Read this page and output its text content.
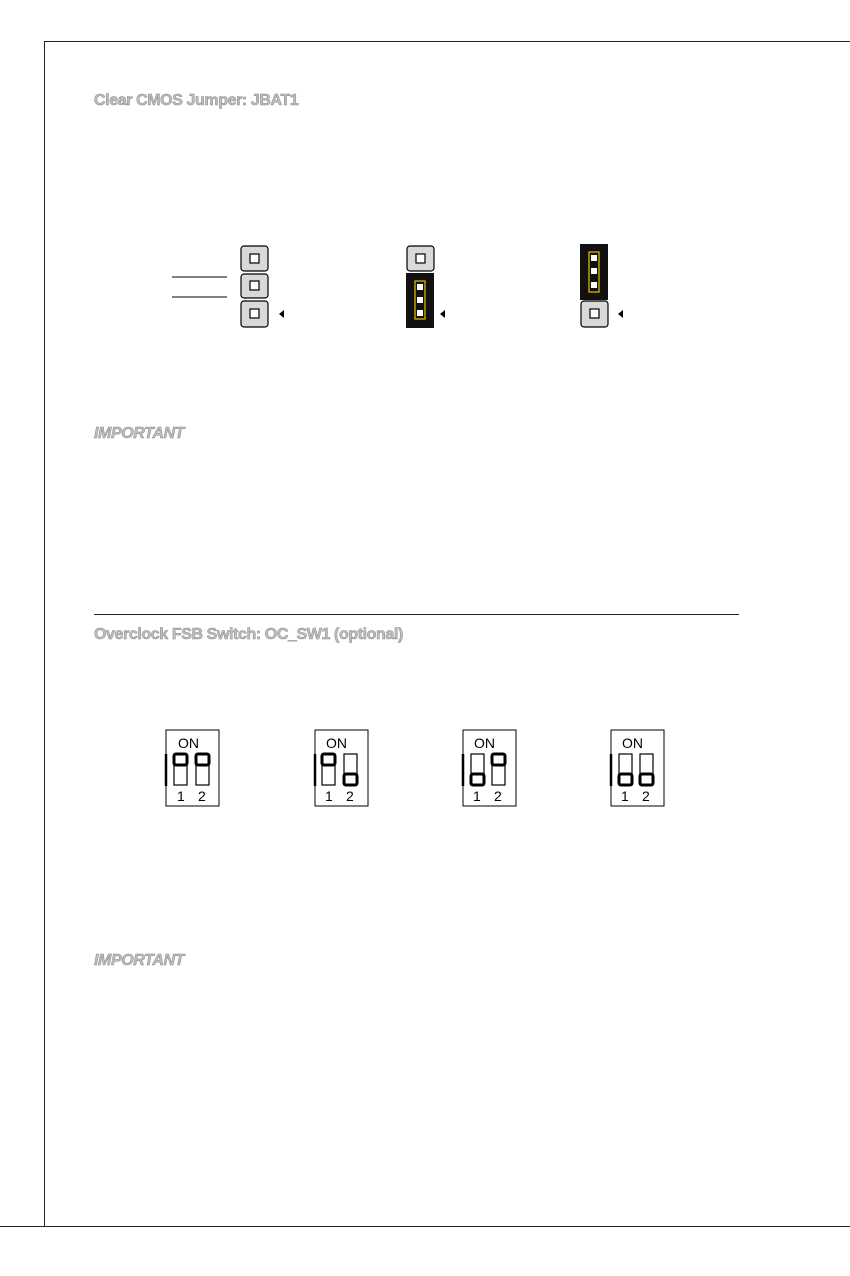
Clear CMOS Jumper: JBAT1
IMPORTANT
Overclock FSB Switch: OC_SW1 (optional)
ON
1 2
ON
1 2
ON
1 2
ON
1 2
IMPORTANT
